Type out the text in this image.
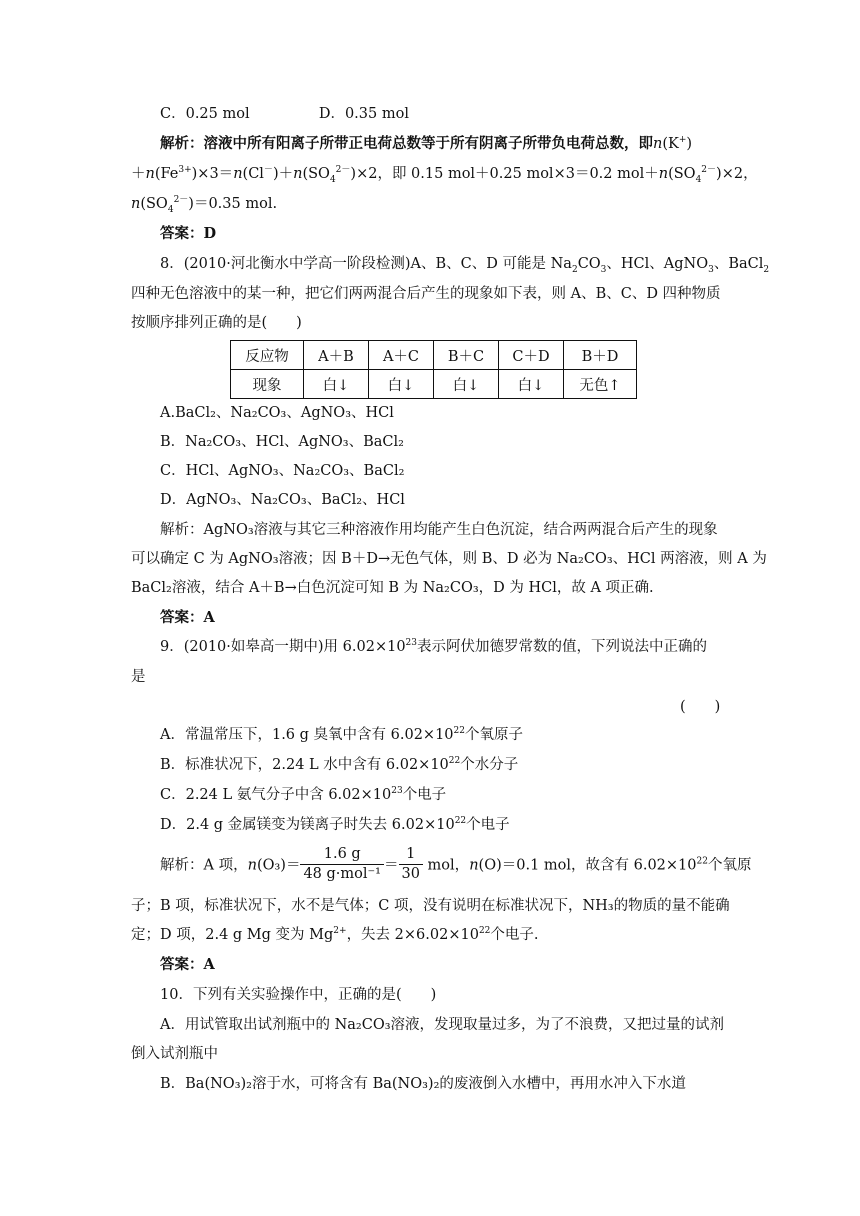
C．0.25 mol	D．0.35 mol
解析：溶液中所有阳离子所带正电荷总数等于所有阴离子所带负电荷总数，即n(K+)
$+n(Fe^{3+})\times 3=n(Cl^-)+n(SO_4^{2-})\times 2$，即 0.15 mol＋0.25 mol×3＝0.2 $mol+n(SO_4^{2-})\times 2$，
$n(SO_4^{2-})=0.35$ mol.
答案：D
8．(2010·河北衡水中学高一阶段检测)A、B、C、D 可能是 $Na_2CO_3$、HCl、AgNO$_3$、BaCl$_2$
四种无色溶液中的某一种，把它们两两混合后产生的现象如下表，则 A、B、C、D 四种物质
按顺序排列正确的是(　　)
反应物	A＋B	A＋C	B＋C	C＋D	B＋D
现象	白↓	白↓	白↓	白↓	无色↑
A.BaCl₂、Na₂CO₃、AgNO₃、HCl
B．Na₂CO₃、HCl、AgNO₃、BaCl₂
C．HCl、AgNO₃、Na₂CO₃、BaCl₂
D．AgNO₃、Na₂CO₃、BaCl₂、HCl
解析：AgNO₃溶液与其它三种溶液作用均能产生白色沉淀，结合两两混合后产生的现象
可以确定 C 为 AgNO₃溶液；因 B＋D→无色气体，则 B、D 必为 Na₂CO₃、HCl 两溶液，则 A 为
BaCl₂溶液，结合 A＋B→白色沉淀可知 B 为 Na₂CO₃，D 为 HCl，故 A 项正确.
答案：A
9．(2010·如皋高一期中)用 $6.02\times 10^{23}$表示阿伏加德罗常数的值，下列说法中正确的
是
(　　)
A．常温常压下，1.6 g 臭氧中含有 $6.02\times 10^{22}$个氧原子
B．标准状况下，2.24 L 水中含有 $6.02\times 10^{22}$个水分子
C．2.24 L 氨气分子中含 $6.02\times 10^{23}$个电子
D．2.4 g 金属镁变为镁离子时失去 $6.02\times 10^{22}$个电子
解析：A 项，$n(O_3)= \frac{1.6 g}{\text{48 g·mol⁻¹}} = \frac{1}{30}$ mol，n(O)＝0.1 mol，故含有 $6.02\times 10^{22}$个氧原
子；B 项，标准状况下，水不是气体；C 项，没有说明在标准状况下，NH₃的物质的量不能确
定；D 项，2.4 g Mg 变为 $Mg^{2+}$，失去 $2\times 6.02\times 10^{22}$个电子.
答案：A
10．下列有关实验操作中，正确的是(　　)
A．用试管取出试剂瓶中的 Na₂CO₃溶液，发现取量过多，为了不浪费，又把过量的试剂
倒入试剂瓶中
B．Ba(NO₃)₂溶于水，可将含有 Ba(NO₃)₂的废液倒入水槽中，再用水冲入下水道
